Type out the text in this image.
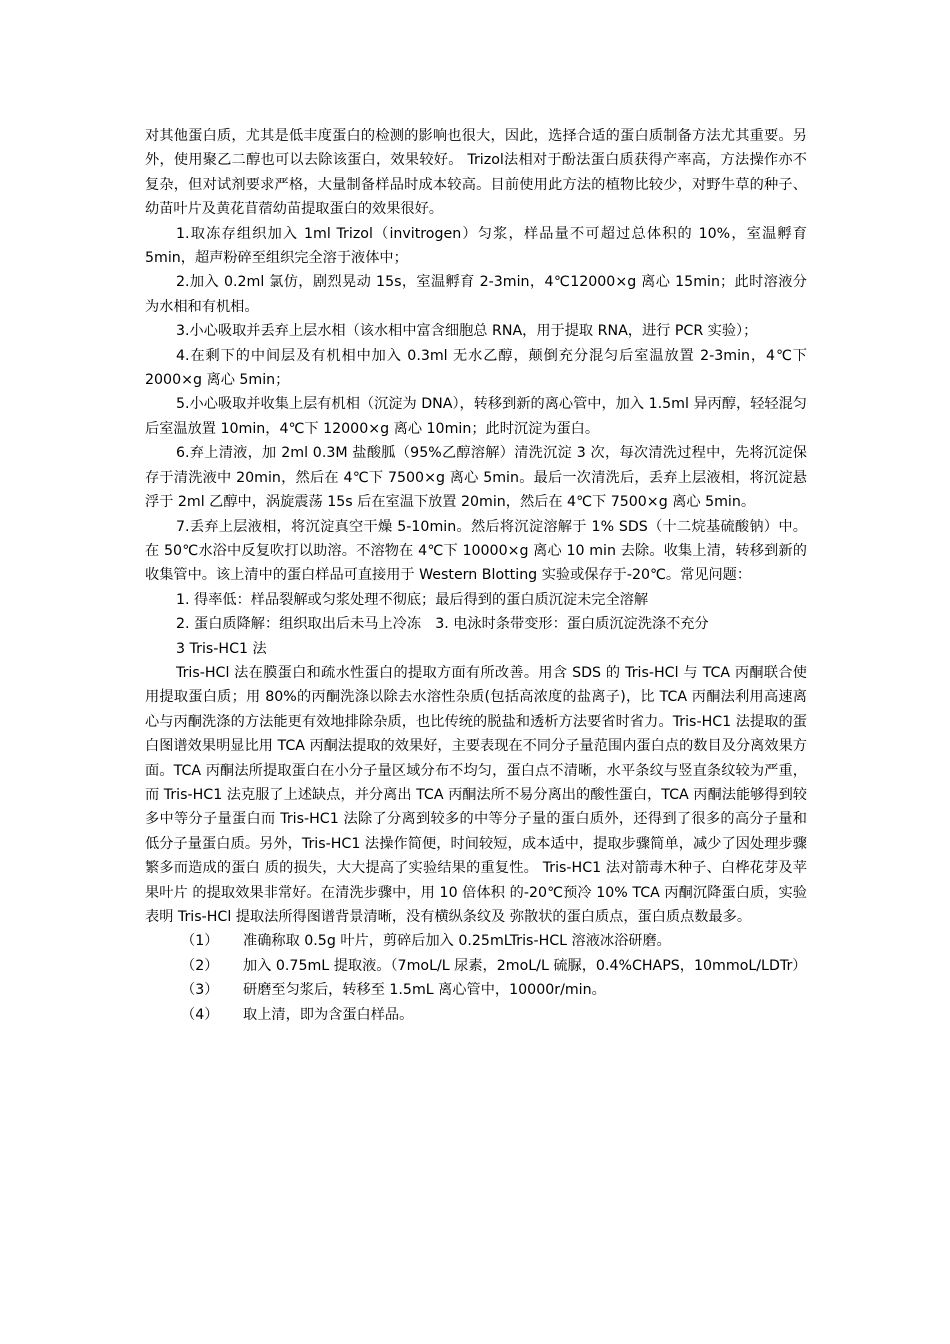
对其他蛋白质，尤其是低丰度蛋白的检测的影响也很大，因此，选择合适的蛋白质制备方法尤其重要。另外，使用聚乙二醇也可以去除该蛋白，效果较好。 Trizol法相对于酚法蛋白质获得产率高，方法操作亦不复杂，但对试剂要求严格，大量制备样品时成本较高。目前使用此方法的植物比较少，对野牛草的种子、幼苗叶片及黄花苜蓿幼苗提取蛋白的效果很好。

1.取冻存组织加入 1ml Trizol（invitrogen）匀浆，样品量不可超过总体积的 10%，室温孵育 5min，超声粉碎至组织完全溶于液体中；

2.加入 0.2ml 氯仿，剧烈晃动 15s，室温孵育 2-3min，4℃12000×g 离心 15min；此时溶液分为水相和有机相。

3.小心吸取并丢弃上层水相（该水相中富含细胞总 RNA，用于提取 RNA，进行 PCR 实验）；

4.在剩下的中间层及有机相中加入 0.3ml 无水乙醇，颠倒充分混匀后室温放置 2-3min，4℃下 2000×g 离心 5min；

5.小心吸取并收集上层有机相（沉淀为 DNA），转移到新的离心管中，加入 1.5ml 异丙醇，轻轻混匀后室温放置 10min，4℃下 12000×g 离心 10min；此时沉淀为蛋白。

6.弃上清液，加 2ml 0.3M 盐酸胍（95%乙醇溶解）清洗沉淀 3 次，每次清洗过程中，先将沉淀保存于清洗液中 20min，然后在 4℃下 7500×g 离心 5min。最后一次清洗后，丢弃上层液相，将沉淀悬浮于 2ml 乙醇中，涡旋震荡 15s 后在室温下放置 20min，然后在 4℃下 7500×g 离心 5min。

7.丢弃上层液相，将沉淀真空干燥 5-10min。然后将沉淀溶解于 1% SDS（十二烷基硫酸钠）中。在 50℃水浴中反复吹打以助溶。不溶物在 4℃下 10000×g 离心 10 min 去除。收集上清，转移到新的收集管中。该上清中的蛋白样品可直接用于 Western Blotting 实验或保存于-20℃。常见问题：

1. 得率低：样品裂解或匀浆处理不彻底；最后得到的蛋白质沉淀未完全溶解

2. 蛋白质降解：组织取出后未马上冷冻　3. 电泳时条带变形：蛋白质沉淀洗涤不充分

3 Tris-HC1 法

Tris-HCl 法在膜蛋白和疏水性蛋白的提取方面有所改善。用含 SDS 的 Tris-HCl 与 TCA 丙酮联合使用提取蛋白质；用 80%的丙酮洗涤以除去水溶性杂质(包括高浓度的盐离子)，比 TCA 丙酮法利用高速离心与丙酮洗涤的方法能更有效地排除杂质，也比传统的脱盐和透析方法要省时省力。Tris-HC1 法提取的蛋白图谱效果明显比用 TCA 丙酮法提取的效果好，主要表现在不同分子量范围内蛋白点的数目及分离效果方面。TCA 丙酮法所提取蛋白在小分子量区域分布不均匀，蛋白点不清晰，水平条纹与竖直条纹较为严重，而 Tris-HC1 法克服了上述缺点，并分离出 TCA 丙酮法所不易分离出的酸性蛋白，TCA 丙酮法能够得到较多中等分子量蛋白而 Tris-HC1 法除了分离到较多的中等分子量的蛋白质外，还得到了很多的高分子量和低分子量蛋白质。另外，Tris-HC1 法操作简便，时间较短，成本适中，提取步骤简单，减少了因处理步骤繁多而造成的蛋白 质的损失，大大提高了实验结果的重复性。 Tris-HC1 法对箭毒木种子、白桦花芽及苹果叶片 的提取效果非常好。在清洗步骤中，用 10 倍体积 的-20℃预冷 10% TCA 丙酮沉降蛋白质，实验表明 Tris-HCl 提取法所得图谱背景清晰，没有横纵条纹及 弥散状的蛋白质点，蛋白质点数最多。

（1）	准确称取 0.5g 叶片，剪碎后加入 0.25mLTris-HCL 溶液冰浴研磨。
（2）	加入 0.75mL 提取液。（7moL/L 尿素，2moL/L 硫脲，0.4%CHAPS，10mmoL/LDTr）
（3）	研磨至匀浆后，转移至 1.5mL 离心管中，10000r/min。
（4）	取上清，即为含蛋白样品。
